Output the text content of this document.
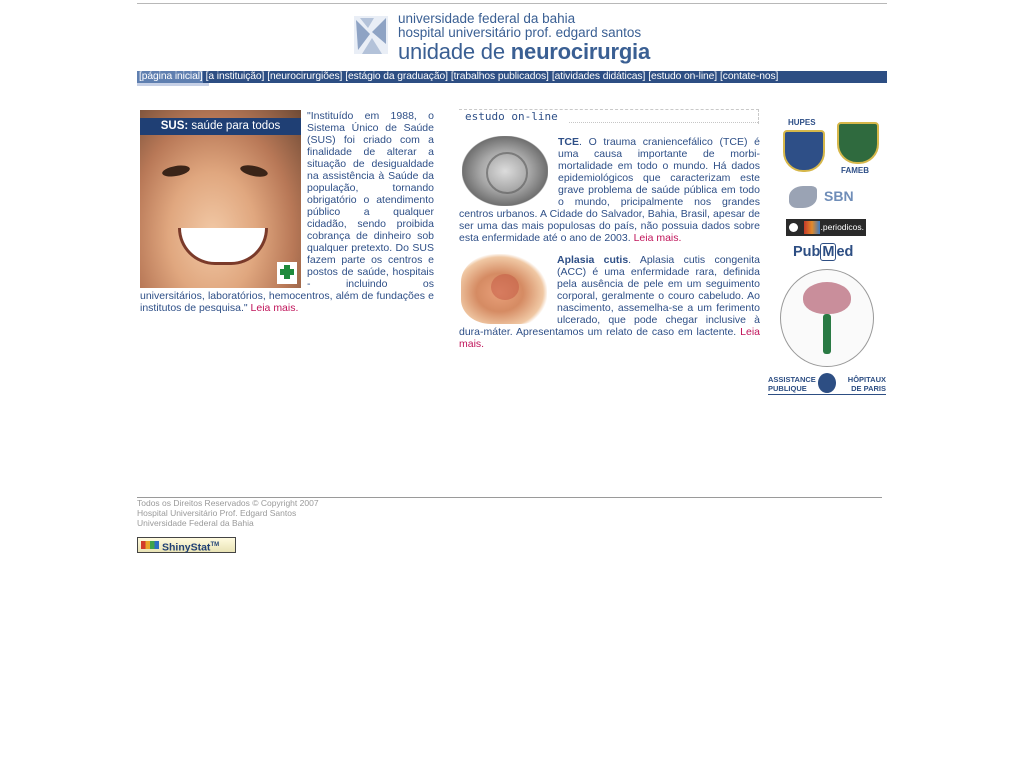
universidade federal da bahia
hospital universitário prof. edgard santos
unidade de neurocirurgia
[página inicial] [a instituição] [neurocirurgiões] [estágio da graduação] [trabalhos publicados] [atividades didáticas] [estudo on-line] [contate-nos]
SUS: saúde para todos
"Instituído em 1988, o Sistema Único de Saúde (SUS) foi criado com a finalidade de alterar a situação de desigualdade na assistência à Saúde da população, tornando obrigatório o atendimento público a qualquer cidadão, sendo proibida cobrança de dinheiro sob qualquer pretexto. Do SUS fazem parte os centros e postos de saúde, hospitais - incluindo os universitários, laboratórios, hemocentros, além de fundações e institutos de pesquisa." Leia mais.
estudo on-line
TCE. O trauma craniencefálico (TCE) é uma causa importante de morbi-mortalidade em todo o mundo. Há dados epidemiológicos que caracterizam este grave problema de saúde pública em todo o mundo, pricipalmente nos grandes centros urbanos. A Cidade do Salvador, Bahia, Brasil, apesar de ser uma das mais populosas do país, não possuia dados sobre esta enfermidade até o ano de 2003. Leia mais.
Aplasia cutis. Aplasia cutis congenita (ACC) é uma enfermidade rara, definida pela ausência de pele em um seguimento corporal, geralmente o couro cabeludo. Ao nascimento, assemelha-se a um ferimento ulcerado, que pode chegar inclusive à dura-máter. Apresentamos um relato de caso em lactente. Leia mais.
HUPES
FAMEB
SBN
.periodicos.
Pub M ed
ASSISTANCE
PUBLIQUE
HÔPITAUX
DE PARIS
Todos os Direitos Reservados © Copyright 2007
Hospital Universitário Prof. Edgard Santos
Universidade Federal da Bahia
ShinyStat™
